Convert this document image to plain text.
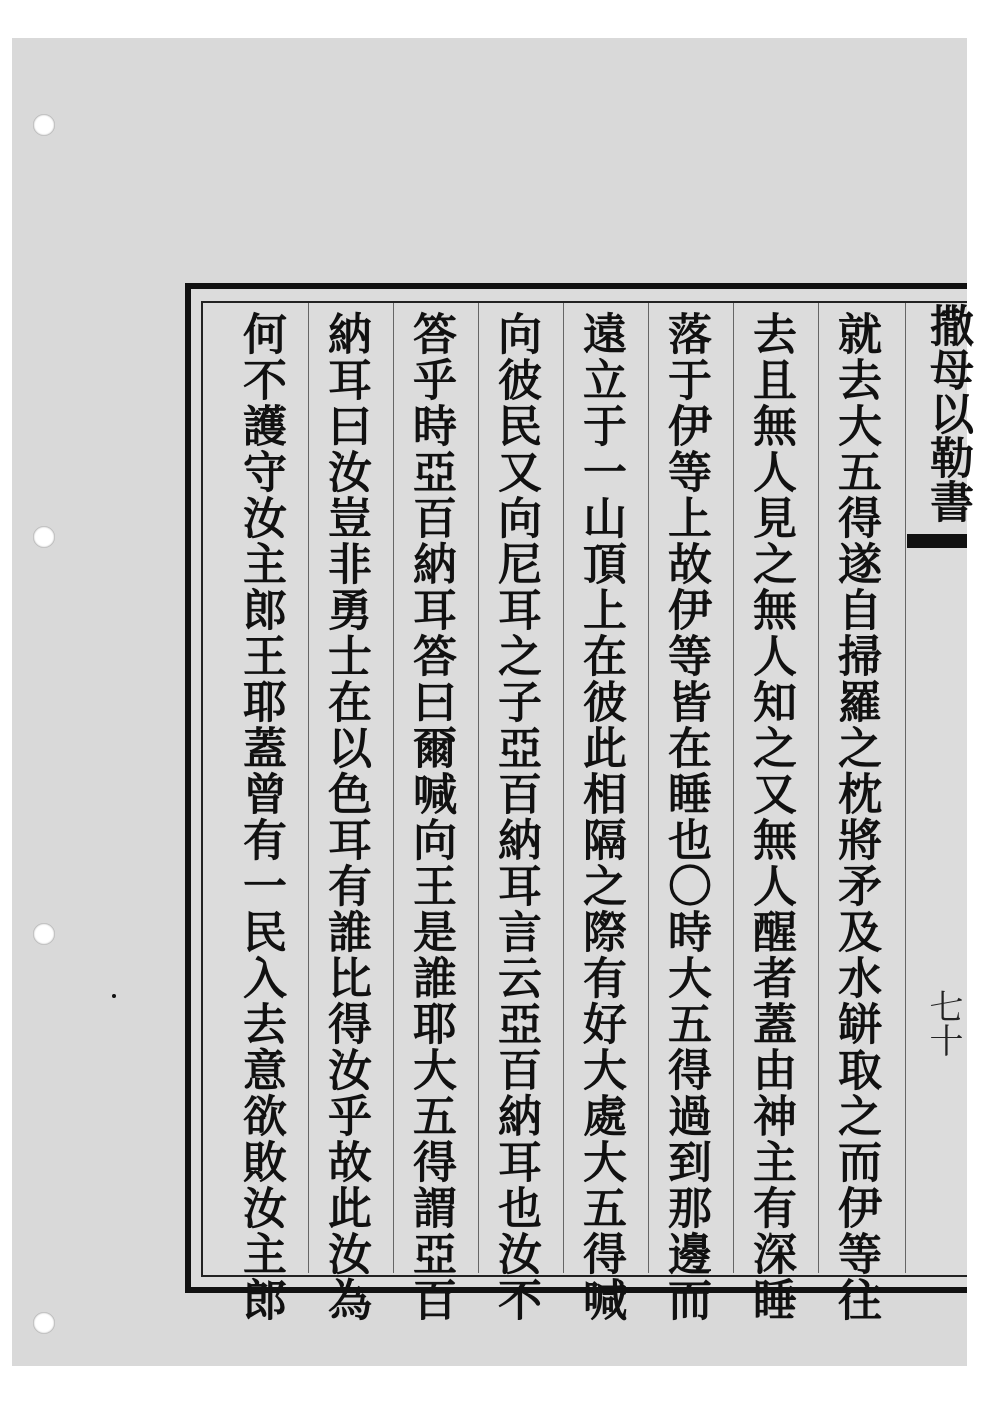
撒母以勒書
七十
就去大五得遂自掃羅之枕將矛及水缾取之而伊等往
去且無人見之無人知之又無人醒者蓋由神主有深睡
落于伊等上故伊等皆在睡也〇時大五得過到那邊而
遠立于一山頂上在彼此相隔之際有好大處大五得喊
向彼民又向尼耳之子亞百納耳言云亞百納耳也汝不
答乎時亞百納耳答曰爾喊向王是誰耶大五得謂亞百
納耳曰汝豈非勇士在以色耳有誰比得汝乎故此汝為
何不護守汝主郎王耶蓋曾有一民入去意欲敗汝主郎
